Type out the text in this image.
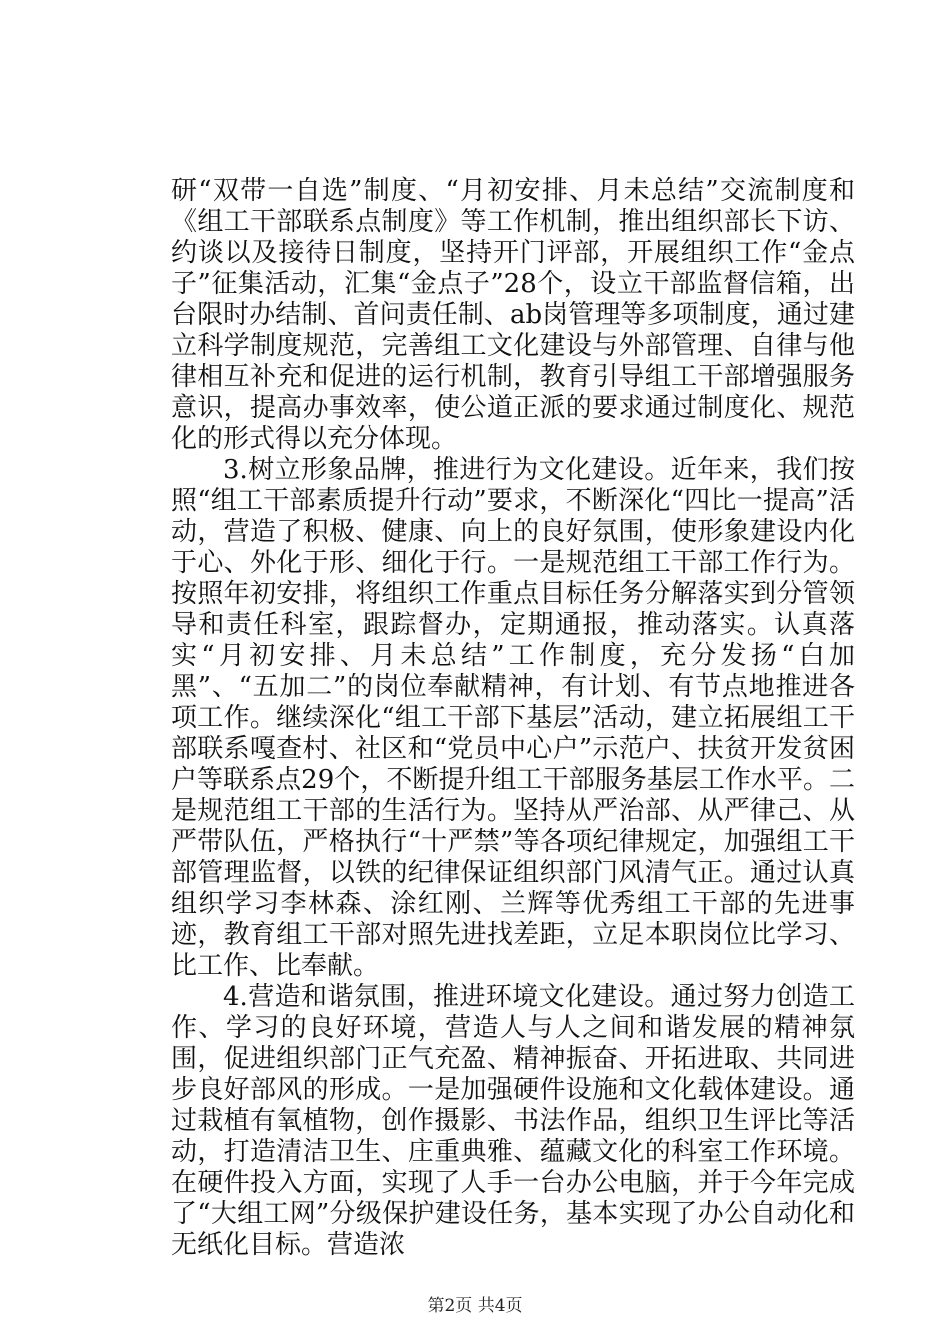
研“双带一自选”制度、“月初安排、月未总结”交流制度和《组工干部联系点制度》等工作机制，推出组织部长下访、约谈以及接待日制度，坚持开门评部，开展组织工作“金点子”征集活动，汇集“金点子”28个，设立干部监督信箱，出台限时办结制、首问责任制、ab岗管理等多项制度，通过建立科学制度规范，完善组工文化建设与外部管理、自律与他律相互补充和促进的运行机制，教育引导组工干部增强服务意识，提高办事效率，使公道正派的要求通过制度化、规范化的形式得以充分体现。

3.树立形象品牌，推进行为文化建设。近年来，我们按照“组工干部素质提升行动”要求，不断深化“四比一提高”活动，营造了积极、健康、向上的良好氛围，使形象建设内化于心、外化于形、细化于行。一是规范组工干部工作行为。按照年初安排，将组织工作重点目标任务分解落实到分管领导和责任科室，跟踪督办，定期通报，推动落实。认真落实“月初安排、月未总结”工作制度，充分发扬“白加黑”、“五加二”的岗位奉献精神，有计划、有节点地推进各项工作。继续深化“组工干部下基层”活动，建立拓展组工干部联系嘎查村、社区和“党员中心户”示范户、扶贫开发贫困户等联系点29个，不断提升组工干部服务基层工作水平。二是规范组工干部的生活行为。坚持从严治部、从严律己、从严带队伍，严格执行“十严禁”等各项纪律规定，加强组工干部管理监督，以铁的纪律保证组织部门风清气正。通过认真组织学习李林森、涂红刚、兰辉等优秀组工干部的先进事迹，教育组工干部对照先进找差距，立足本职岗位比学习、比工作、比奉献。

4.营造和谐氛围，推进环境文化建设。通过努力创造工作、学习的良好环境，营造人与人之间和谐发展的精神氛围，促进组织部门正气充盈、精神振奋、开拓进取、共同进步良好部风的形成。一是加强硬件设施和文化载体建设。通过栽植有氧植物，创作摄影、书法作品，组织卫生评比等活动，打造清洁卫生、庄重典雅、蕴藏文化的科室工作环境。在硬件投入方面，实现了人手一台办公电脑，并于今年完成了“大组工网”分级保护建设任务，基本实现了办公自动化和无纸化目标。营造浓

第2页 共4页
